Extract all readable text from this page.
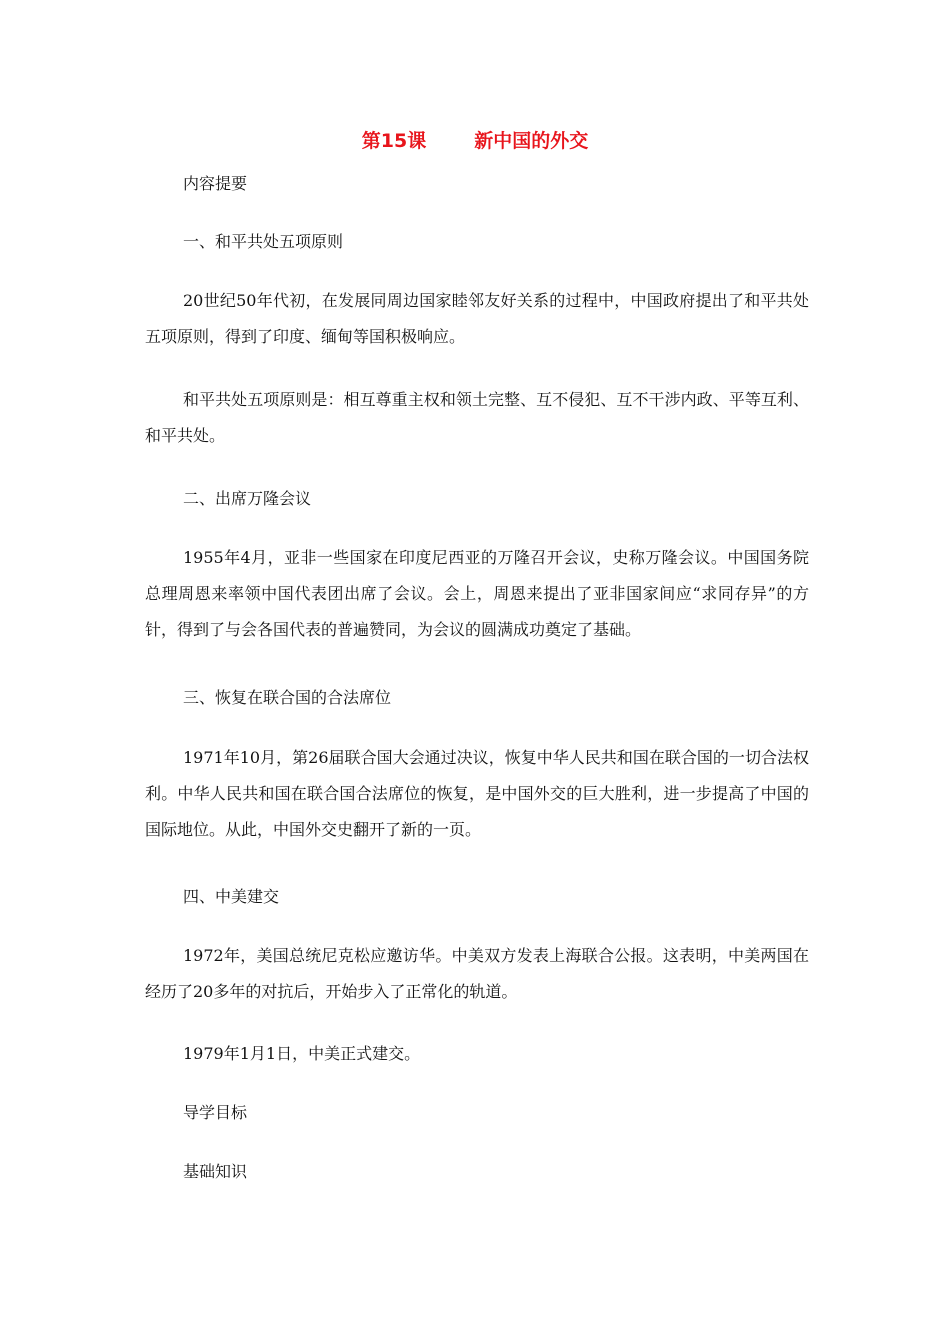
第15课	新中国的外交

内容提要

一、和平共处五项原则

20世纪50年代初，在发展同周边国家睦邻友好关系的过程中，中国政府提出了和平共处五项原则，得到了印度、缅甸等国积极响应。

和平共处五项原则是：相互尊重主权和领土完整、互不侵犯、互不干涉内政、平等互利、和平共处。

二、出席万隆会议

1955年4月，亚非一些国家在印度尼西亚的万隆召开会议，史称万隆会议。中国国务院总理周恩来率领中国代表团出席了会议。会上，周恩来提出了亚非国家间应“求同存异”的方针，得到了与会各国代表的普遍赞同，为会议的圆满成功奠定了基础。

三、恢复在联合国的合法席位

1971年10月，第26届联合国大会通过决议，恢复中华人民共和国在联合国的一切合法权利。中华人民共和国在联合国合法席位的恢复，是中国外交的巨大胜利，进一步提高了中国的国际地位。从此，中国外交史翻开了新的一页。

四、中美建交

1972年，美国总统尼克松应邀访华。中美双方发表上海联合公报。这表明，中美两国在经历了20多年的对抗后，开始步入了正常化的轨道。

1979年1月1日，中美正式建交。

导学目标

基础知识
